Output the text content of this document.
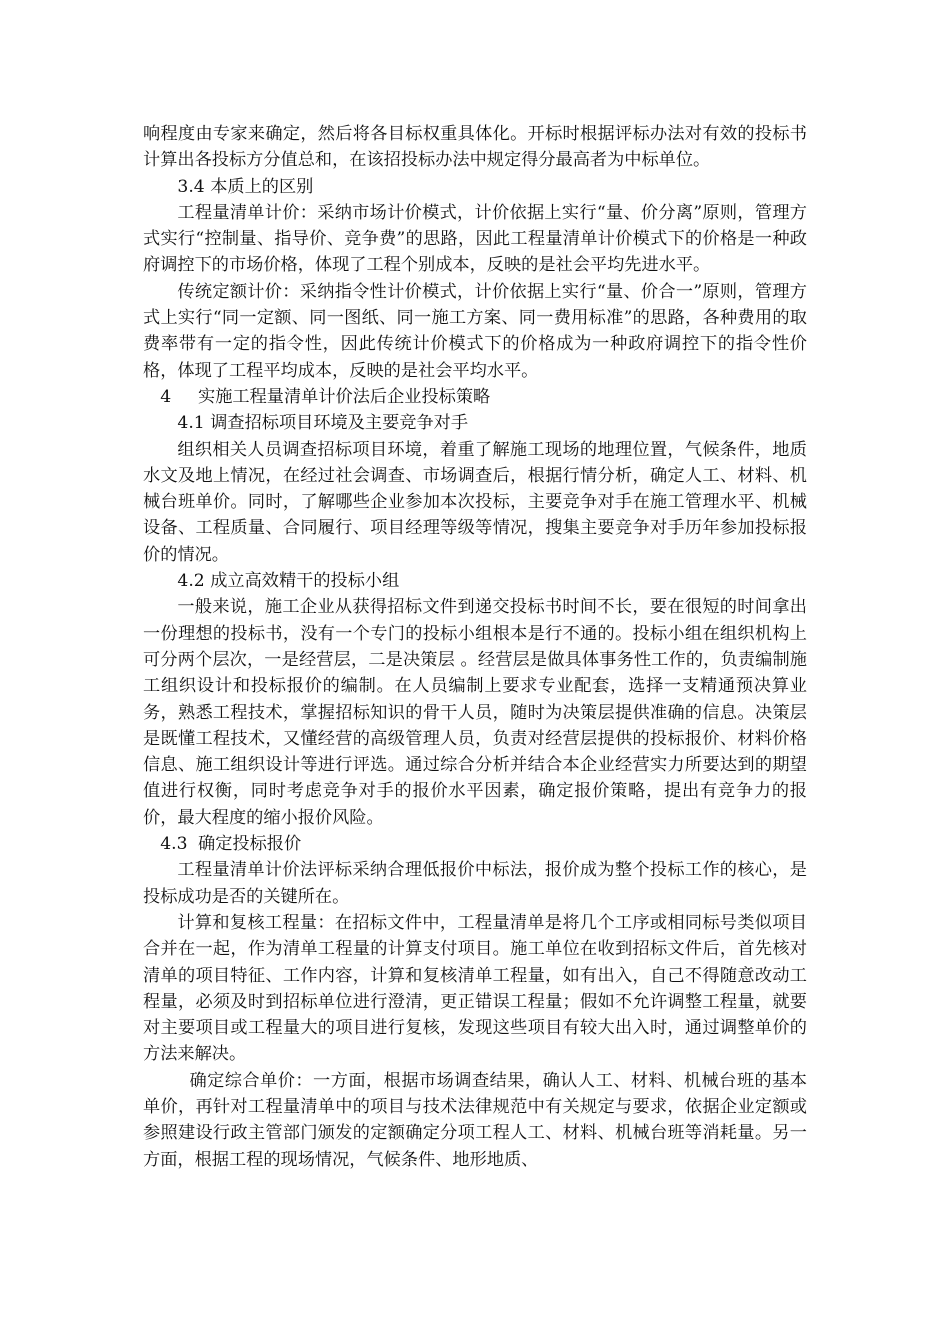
响程度由专家来确定，然后将各目标权重具体化。开标时根据评标办法对有效的投标书计算出各投标方分值总和，在该招投标办法中规定得分最高者为中标单位。

3.4 本质上的区别

工程量清单计价：采纳市场计价模式，计价依据上实行“量、价分离”原则，管理方式实行“控制量、指导价、竞争费”的思路，因此工程量清单计价模式下的价格是一种政府调控下的市场价格，体现了工程个别成本，反映的是社会平均先进水平。

传统定额计价：采纳指令性计价模式，计价依据上实行“量、价合一”原则，管理方式上实行“同一定额、同一图纸、同一施工方案、同一费用标准”的思路，各种费用的取费率带有一定的指令性，因此传统计价模式下的价格成为一种政府调控下的指令性价格，体现了工程平均成本，反映的是社会平均水平。

4 实施工程量清单计价法后企业投标策略

4.1 调查招标项目环境及主要竞争对手

组织相关人员调查招标项目环境，着重了解施工现场的地理位置，气候条件，地质水文及地上情况，在经过社会调查、市场调查后，根据行情分析，确定人工、材料、机械台班单价。同时，了解哪些企业参加本次投标，主要竞争对手在施工管理水平、机械设备、工程质量、合同履行、项目经理等级等情况，搜集主要竞争对手历年参加投标报价的情况。

4.2 成立高效精干的投标小组

一般来说，施工企业从获得招标文件到递交投标书时间不长，要在很短的时间拿出一份理想的投标书，没有一个专门的投标小组根本是行不通的。投标小组在组织机构上可分两个层次，一是经营层，二是决策层 。经营层是做具体事务性工作的，负责编制施工组织设计和投标报价的编制。在人员编制上要求专业配套，选择一支精通预决算业务，熟悉工程技术，掌握招标知识的骨干人员，随时为决策层提供准确的信息。决策层是既懂工程技术，又懂经营的高级管理人员，负责对经营层提供的投标报价、材料价格信息、施工组织设计等进行评选。通过综合分析并结合本企业经营实力所要达到的期望值进行权衡，同时考虑竞争对手的报价水平因素，确定报价策略，提出有竞争力的报价，最大程度的缩小报价风险。

4.3 确定投标报价

工程量清单计价法评标采纳合理低报价中标法，报价成为整个投标工作的核心，是投标成功是否的关键所在。

计算和复核工程量：在招标文件中，工程量清单是将几个工序或相同标号类似项目合并在一起，作为清单工程量的计算支付项目。施工单位在收到招标文件后，首先核对清单的项目特征、工作内容，计算和复核清单工程量，如有出入，自己不得随意改动工程量，必须及时到招标单位进行澄清，更正错误工程量；假如不允许调整工程量，就要对主要项目或工程量大的项目进行复核，发现这些项目有较大出入时，通过调整单价的方法来解决。

确定综合单价：一方面，根据市场调查结果，确认人工、材料、机械台班的基本单价，再针对工程量清单中的项目与技术法律规范中有关规定与要求，依据企业定额或参照建设行政主管部门颁发的定额确定分项工程人工、材料、机械台班等消耗量。另一方面，根据工程的现场情况，气候条件、地形地质、
